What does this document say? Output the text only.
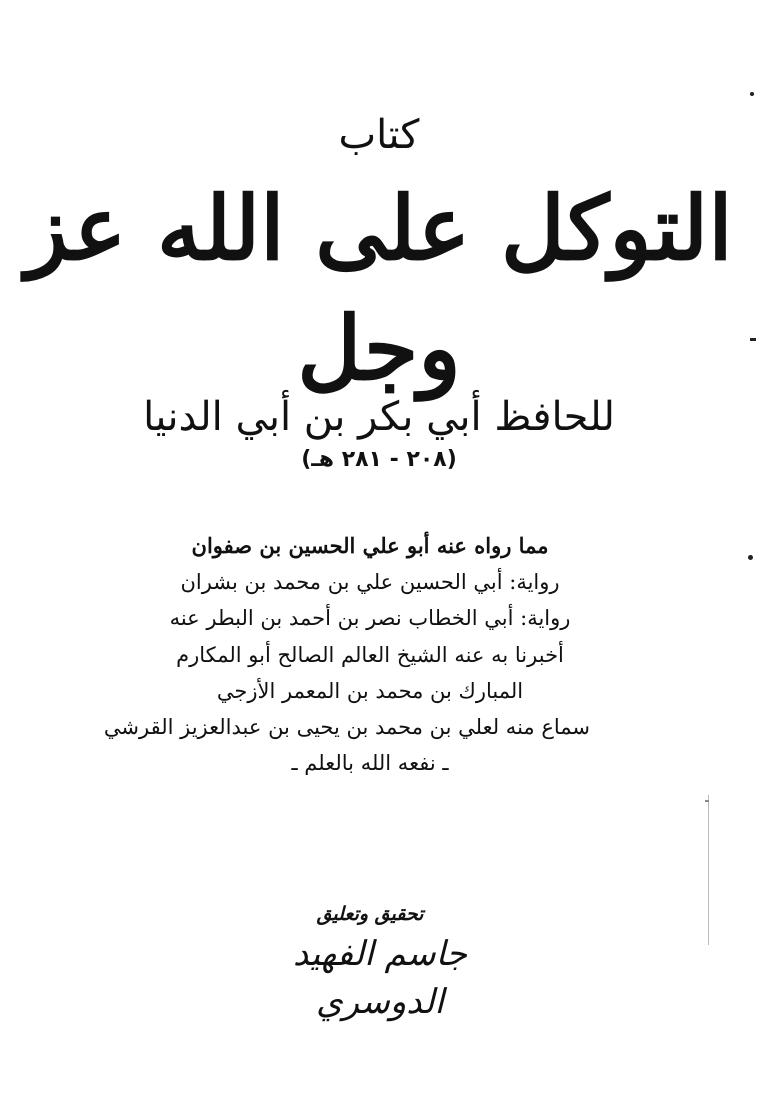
كتاب
التوكل على الله عز وجل
للحافظ أبي بكر بن أبي الدنيا
(٢٠٨ - ٢٨١ هـ)
مما رواه عنه أبو علي الحسين بن صفوان
رواية: أبي الحسين علي بن محمد بن بشران
رواية: أبي الخطاب نصر بن أحمد بن البطر عنه
أخبرنا به عنه الشيخ العالم الصالح أبو المكارم
المبارك بن محمد بن المعمر الأزجي
سماع منه لعلي بن محمد بن يحيى بن عبدالعزيز القرشي
ـ نفعه الله بالعلم ـ
تحقيق وتعليق
جاسم الفهيد الدوسري
